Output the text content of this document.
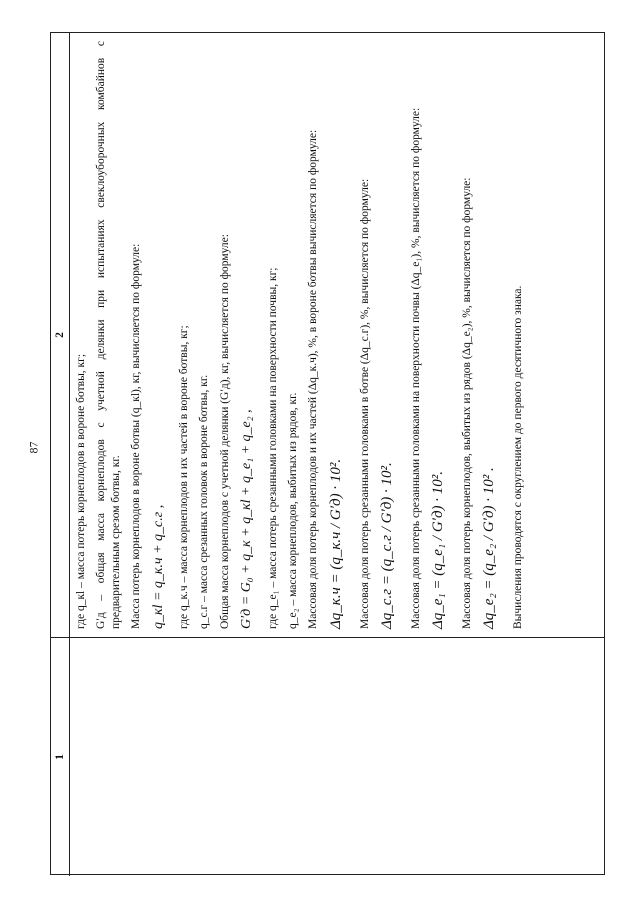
87
1
2

где q_кl – масса потерь корнеплодов в вороне ботвы, кг; G′д – общая масса корнеплодов с учетной делянки при испытаниях свеклоуборочных комбайнов с предварительным срезом ботвы, кг. Масса потерь корнеплодов в вороне ботвы (q_кl), кг, вычисляется по формуле: q_кl = q_к.ч + q_с.г , где q_к.ч – масса корнеплодов и их частей в вороне ботвы, кг; q_с.г – масса срезанных головок в вороне ботвы, кг. Общая масса корнеплодов с учетной делянки (G′д), кг, вычисляется по формуле: G′д = G₀ + q_к + q_кl + q_е₁ + q_е₂ , где q_е₁ – масса потерь срезанными головками на поверхности почвы, кг; q_е₂ – масса корнеплодов, выбитых из рядов, кг. Массовая доля потерь корнеплодов и их частей (Δq_к.ч), %, в вороне ботвы вычисляется по формуле: Δq_к.ч = (q_к.ч / G′д) · 10². Массовая доля потерь срезанными головками в ботве (Δq_с.г), %, вычисляется по формуле: Δq_с.г = (q_с.г / G′д) · 10². Массовая доля потерь срезанными головками на поверхности почвы (Δq_е₁), %, вычисляется по формуле: Δq_е₁ = (q_е₁ / G′д) · 10². Массовая доля потерь корнеплодов, выбитых из рядов (Δq_е₂), %, вычисляется по формуле: Δq_е₂ = (q_е₂ / G′д) · 10² . Вычисления проводятся с округлением до первого десятичного знака.
